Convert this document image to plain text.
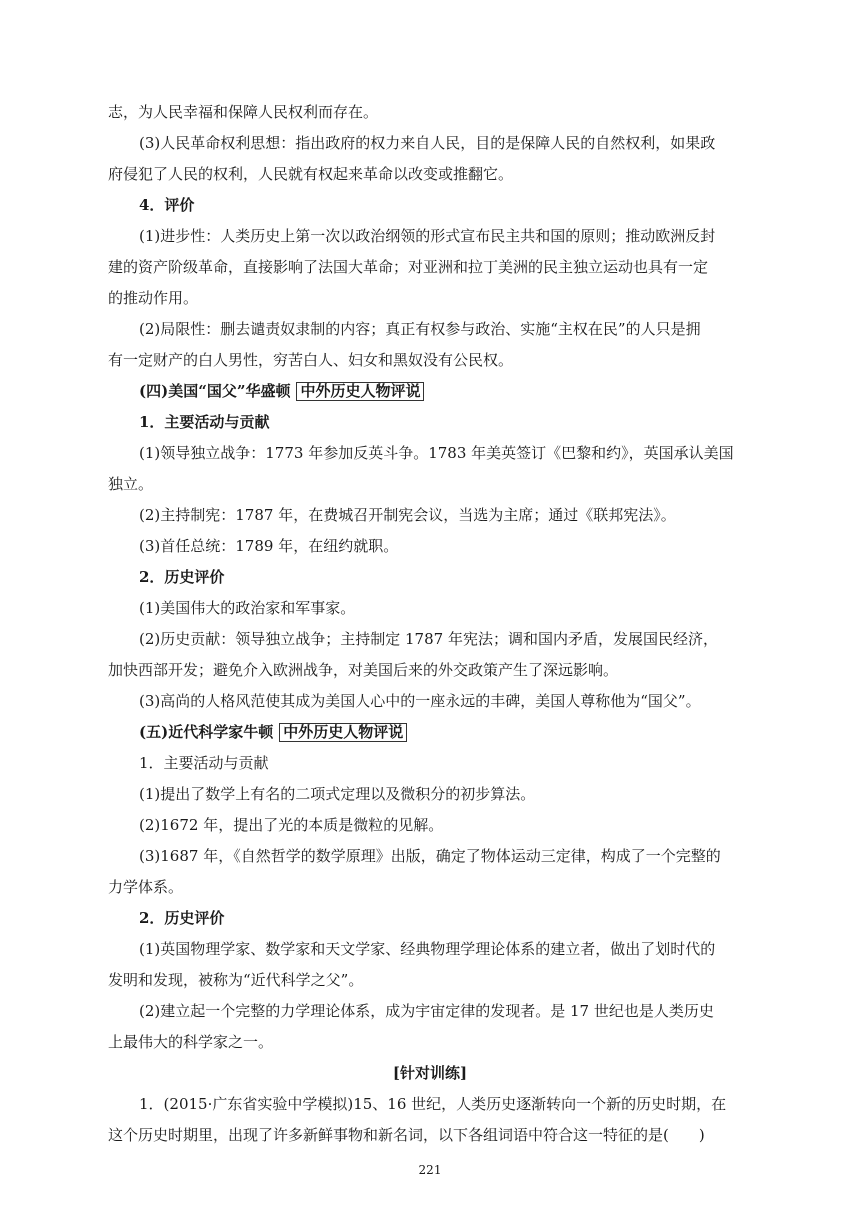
志，为人民幸福和保障人民权利而存在。
(3)人民革命权利思想：指出政府的权力来自人民，目的是保障人民的自然权利，如果政
府侵犯了人民的权利，人民就有权起来革命以改变或推翻它。
4．评价
(1)进步性：人类历史上第一次以政治纲领的形式宣布民主共和国的原则；推动欧洲反封
建的资产阶级革命，直接影响了法国大革命；对亚洲和拉丁美洲的民主独立运动也具有一定
的推动作用。
(2)局限性：删去谴责奴隶制的内容；真正有权参与政治、实施“主权在民”的人只是拥
有一定财产的白人男性，穷苦白人、妇女和黑奴没有公民权。
(四)美国“国父”华盛顿 中外历史人物评说
1．主要活动与贡献
(1)领导独立战争：1773 年参加反英斗争。1783 年美英签订《巴黎和约》，英国承认美国
独立。
(2)主持制宪：1787 年，在费城召开制宪会议，当选为主席；通过《联邦宪法》。
(3)首任总统：1789 年，在纽约就职。
2．历史评价
(1)美国伟大的政治家和军事家。
(2)历史贡献：领导独立战争；主持制定 1787 年宪法；调和国内矛盾，发展国民经济，
加快西部开发；避免介入欧洲战争，对美国后来的外交政策产生了深远影响。
(3)高尚的人格风范使其成为美国人心中的一座永远的丰碑，美国人尊称他为“国父”。
(五)近代科学家牛顿 中外历史人物评说
1．主要活动与贡献
(1)提出了数学上有名的二项式定理以及微积分的初步算法。
(2)1672 年，提出了光的本质是微粒的见解。
(3)1687 年，《自然哲学的数学原理》出版，确定了物体运动三定律，构成了一个完整的
力学体系。
2．历史评价
(1)英国物理学家、数学家和天文学家、经典物理学理论体系的建立者，做出了划时代的
发明和发现，被称为“近代科学之父”。
(2)建立起一个完整的力学理论体系，成为宇宙定律的发现者。是 17 世纪也是人类历史
上最伟大的科学家之一。
[针对训练]
1．(2015·广东省实验中学模拟)15、16 世纪，人类历史逐渐转向一个新的历史时期，在
这个历史时期里，出现了许多新鲜事物和新名词，以下各组词语中符合这一特征的是(　　)
221
